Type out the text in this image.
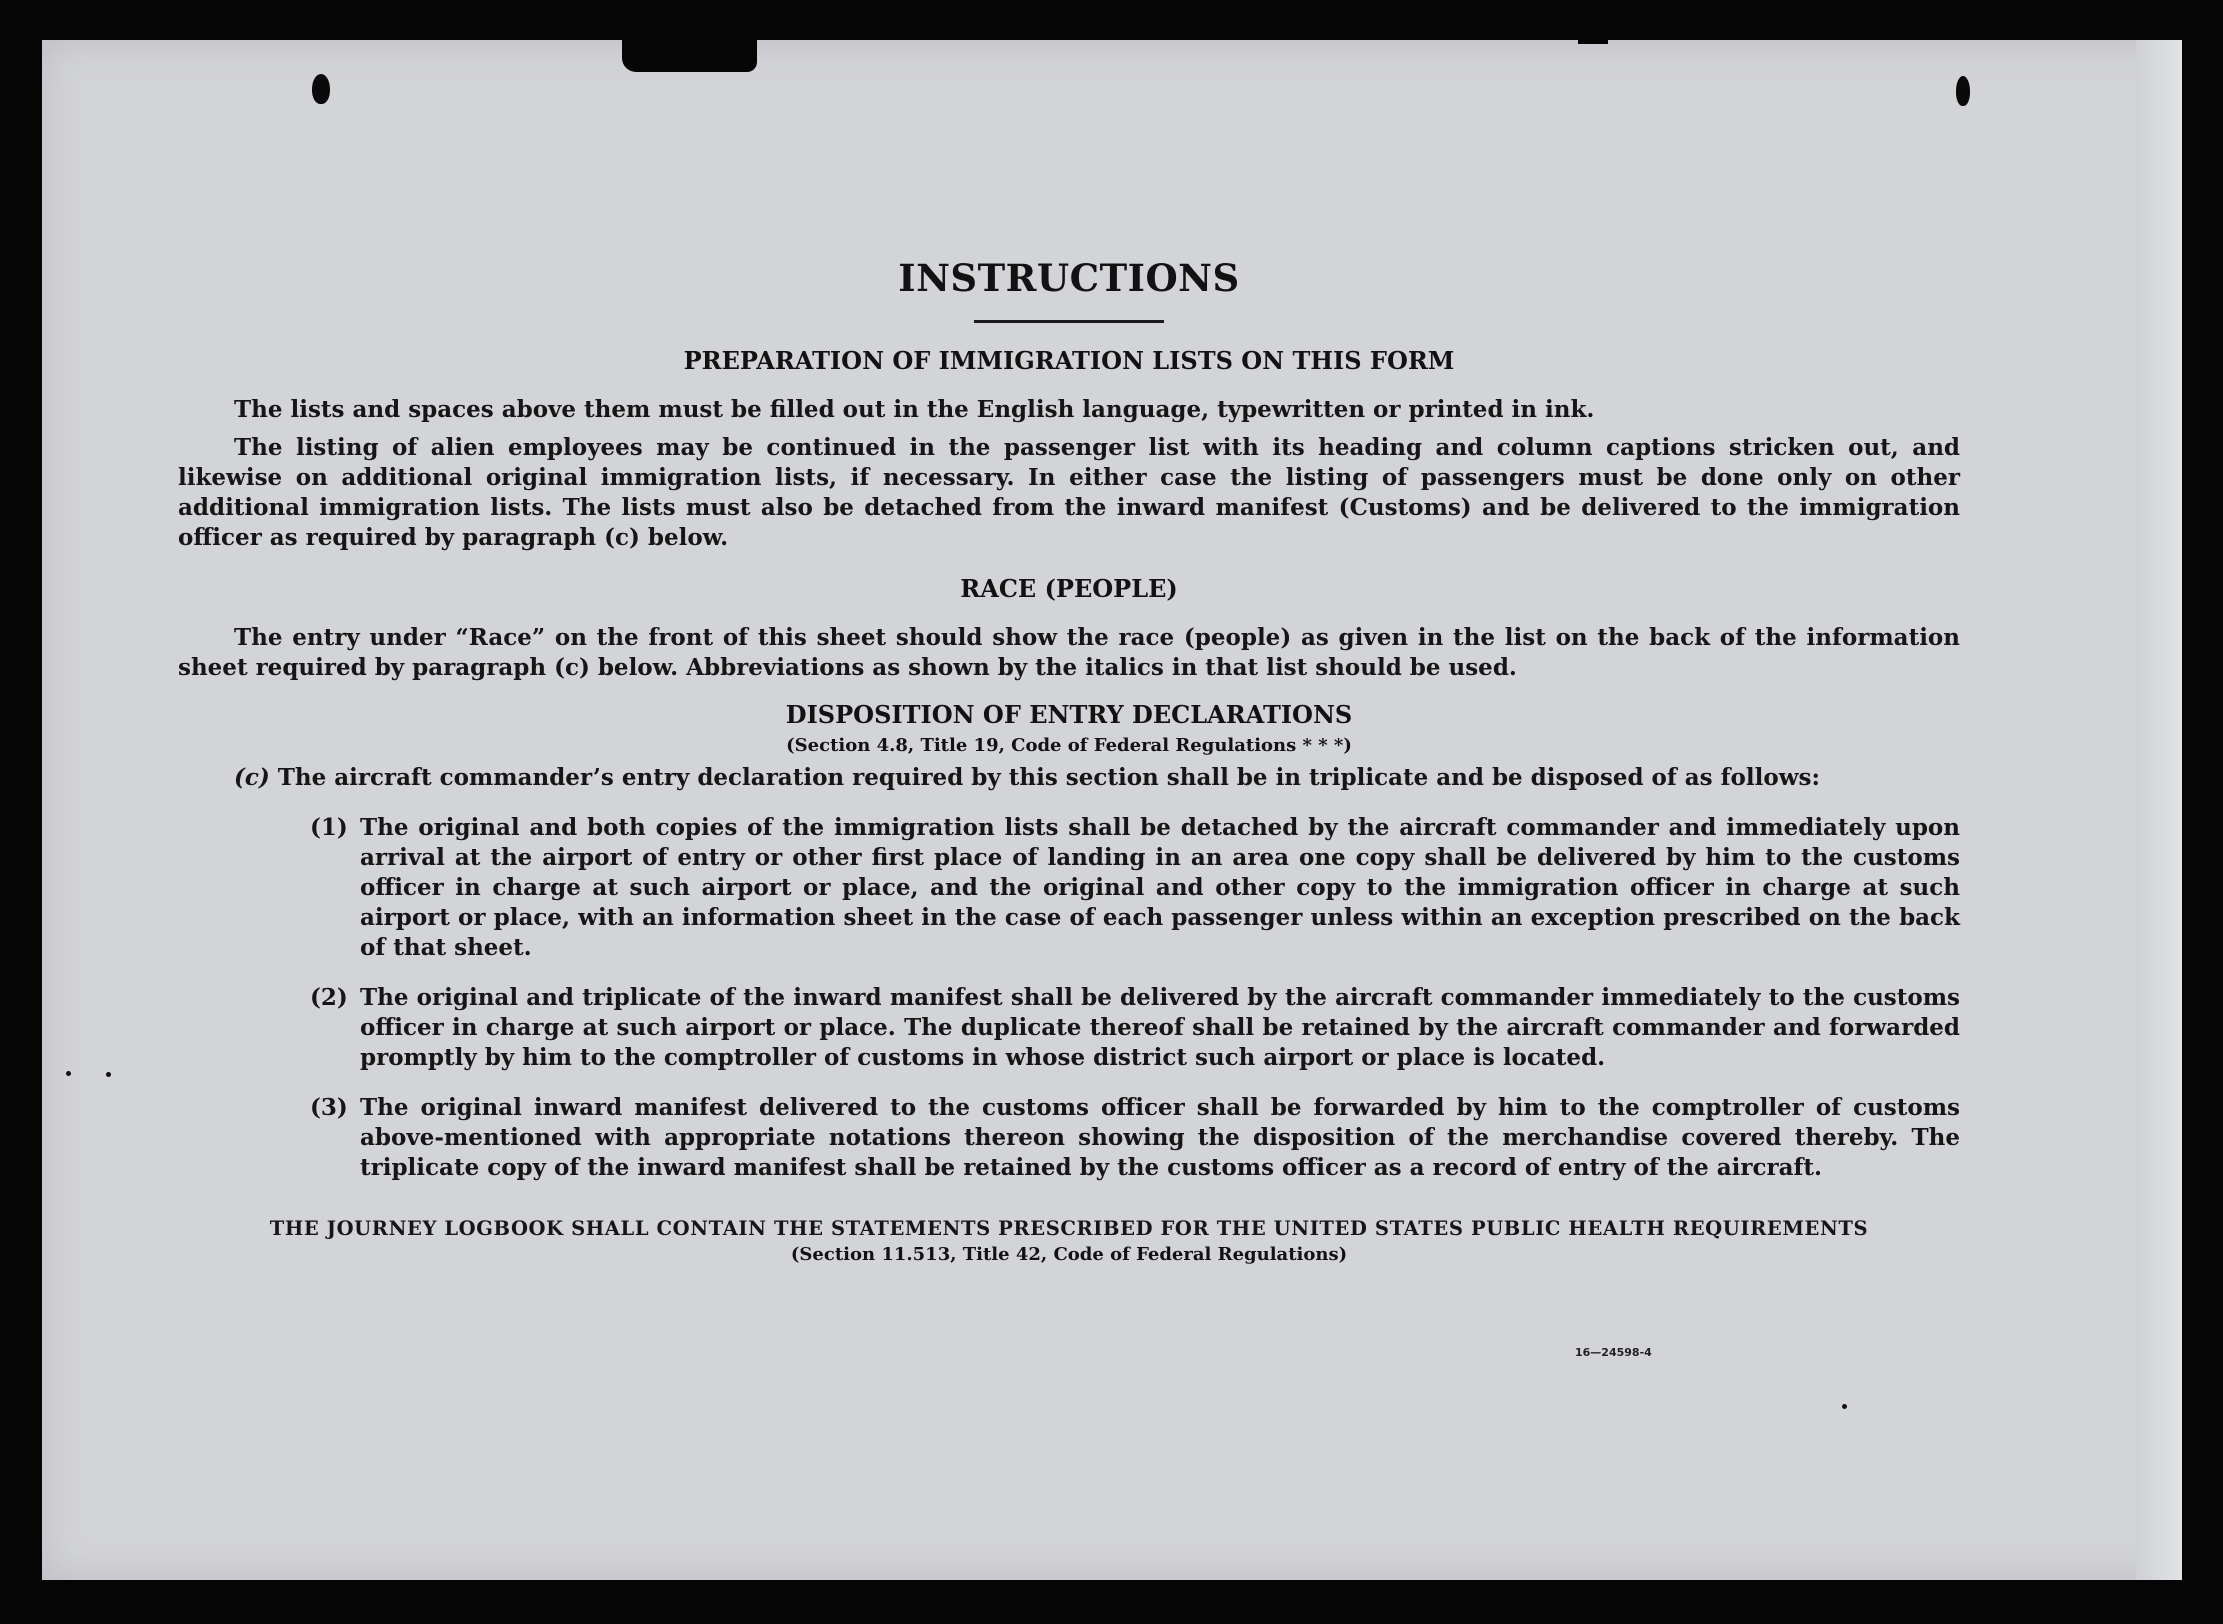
INSTRUCTIONS
PREPARATION OF IMMIGRATION LISTS ON THIS FORM

The lists and spaces above them must be filled out in the English language, typewritten or printed in ink.

The listing of alien employees may be continued in the passenger list with its heading and column captions stricken out, and likewise on additional original immigration lists, if necessary. In either case the listing of passengers must be done only on other additional immigration lists. The lists must also be detached from the inward manifest (Customs) and be delivered to the immigration officer as required by paragraph (c) below.

RACE (PEOPLE)

The entry under “Race” on the front of this sheet should show the race (people) as given in the list on the back of the information sheet required by paragraph (c) below. Abbreviations as shown by the italics in that list should be used.

DISPOSITION OF ENTRY DECLARATIONS
(Section 4.8, Title 19, Code of Federal Regulations * * *)

(c) The aircraft commander’s entry declaration required by this section shall be in triplicate and be disposed of as follows:

(1) The original and both copies of the immigration lists shall be detached by the aircraft commander and immediately upon arrival at the airport of entry or other first place of landing in an area one copy shall be delivered by him to the customs officer in charge at such airport or place, and the original and other copy to the immigration officer in charge at such airport or place, with an information sheet in the case of each passenger unless within an exception prescribed on the back of that sheet.

(2) The original and triplicate of the inward manifest shall be delivered by the aircraft commander immediately to the customs officer in charge at such airport or place. The duplicate thereof shall be retained by the aircraft commander and forwarded promptly by him to the comptroller of customs in whose district such airport or place is located.

(3) The original inward manifest delivered to the customs officer shall be forwarded by him to the comptroller of customs above-mentioned with appropriate notations thereon showing the disposition of the merchandise covered thereby. The triplicate copy of the inward manifest shall be retained by the customs officer as a record of entry of the aircraft.

THE JOURNEY LOGBOOK SHALL CONTAIN THE STATEMENTS PRESCRIBED FOR THE UNITED STATES PUBLIC HEALTH REQUIREMENTS

(Section 11.513, Title 42, Code of Federal Regulations)
16—24598-4
